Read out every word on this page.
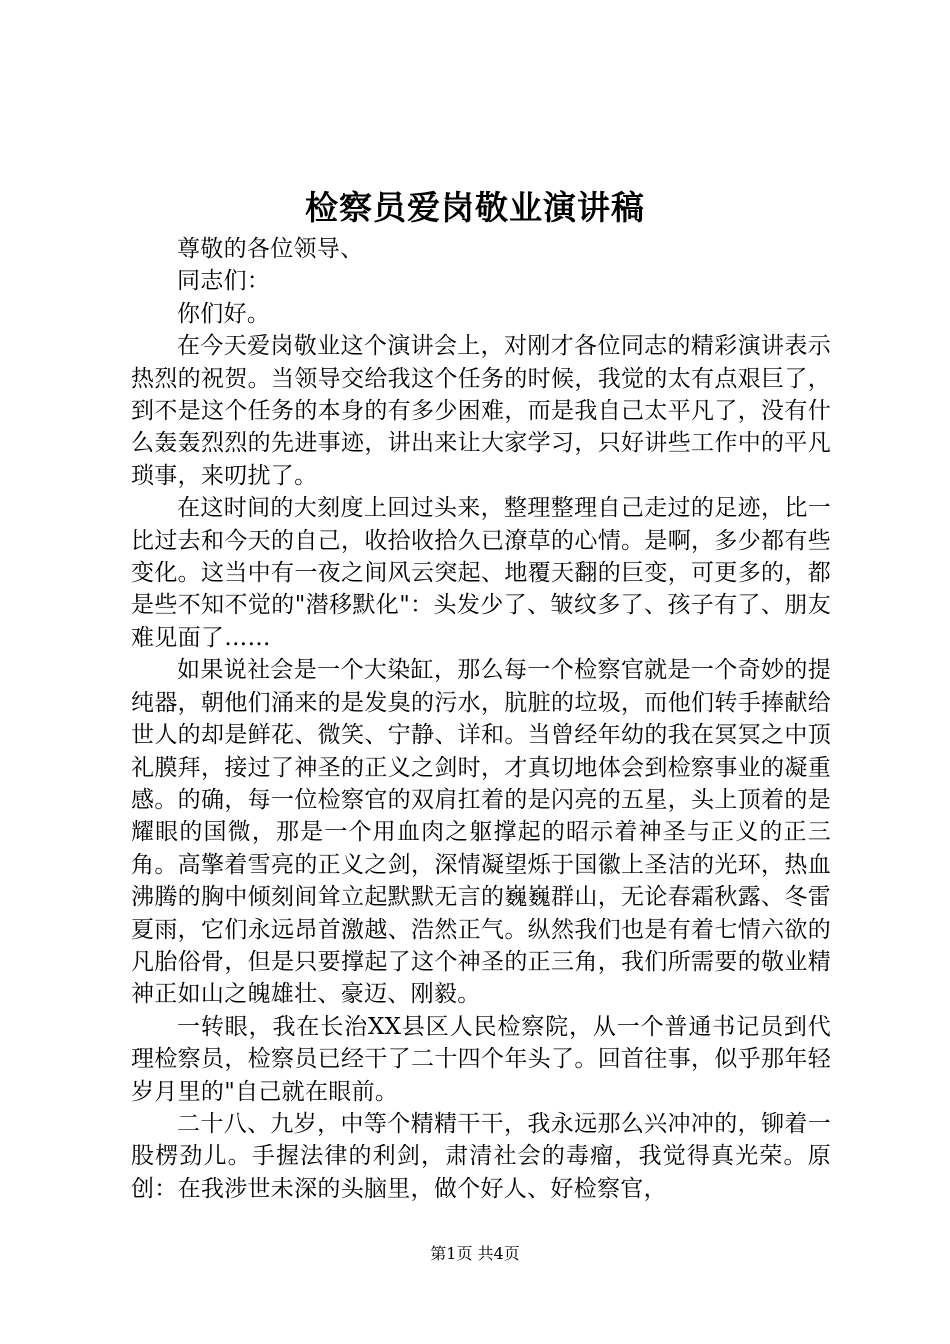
检察员爱岗敬业演讲稿

尊敬的各位领导、

同志们：

你们好。

在今天爱岗敬业这个演讲会上，对刚才各位同志的精彩演讲表示热烈的祝贺。当领导交给我这个任务的时候，我觉的太有点艰巨了，到不是这个任务的本身的有多少困难，而是我自己太平凡了，没有什么轰轰烈烈的先进事迹，讲出来让大家学习，只好讲些工作中的平凡琐事，来叨扰了。

在这时间的大刻度上回过头来，整理整理自己走过的足迹，比一比过去和今天的自己，收拾收拾久已潦草的心情。是啊，多少都有些变化。这当中有一夜之间风云突起、地覆天翻的巨变，可更多的，都是些不知不觉的"潜移默化"：头发少了、皱纹多了、孩子有了、朋友难见面了……

如果说社会是一个大染缸，那么每一个检察官就是一个奇妙的提纯器，朝他们涌来的是发臭的污水，肮脏的垃圾，而他们转手捧献给世人的却是鲜花、微笑、宁静、详和。当曾经年幼的我在冥冥之中顶礼膜拜，接过了神圣的正义之剑时，才真切地体会到检察事业的凝重感。的确，每一位检察官的双肩扛着的是闪亮的五星，头上顶着的是耀眼的国微，那是一个用血肉之躯撑起的昭示着神圣与正义的正三角。高擎着雪亮的正义之剑，深情凝望烁于国徽上圣洁的光环，热血沸腾的胸中倾刻间耸立起默默无言的巍巍群山，无论春霜秋露、冬雷夏雨，它们永远昂首激越、浩然正气。纵然我们也是有着七情六欲的凡胎俗骨，但是只要撑起了这个神圣的正三角，我们所需要的敬业精神正如山之魄雄壮、豪迈、刚毅。

一转眼，我在长治XX县区人民检察院，从一个普通书记员到代理检察员，检察员已经干了二十四个年头了。回首往事，似乎那年轻岁月里的"自己就在眼前。

二十八、九岁，中等个精精干干，我永远那么兴冲冲的，铆着一股楞劲儿。手握法律的利剑，肃清社会的毒瘤，我觉得真光荣。原创：在我涉世未深的头脑里，做个好人、好检察官，

第1页 共4页
